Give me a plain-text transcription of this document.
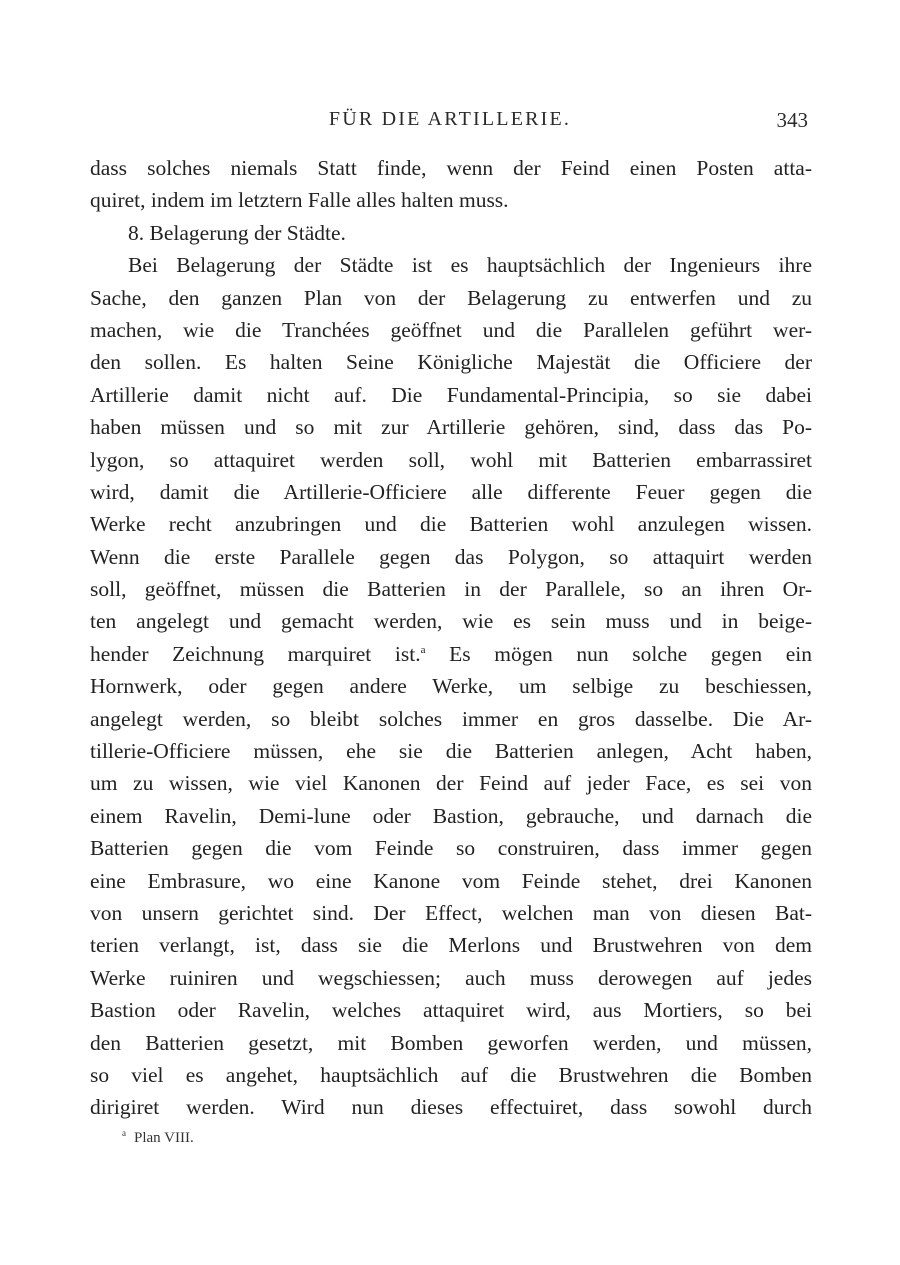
FÜR DIE ARTILLERIE.	343
dass solches niemals Statt finde, wenn der Feind einen Posten atta-
quiret, indem im letztern Falle alles halten muss.
8. Belagerung der Städte.
Bei Belagerung der Städte ist es hauptsächlich der Ingenieurs ihre
Sache, den ganzen Plan von der Belagerung zu entwerfen und zu
machen, wie die Tranchées geöffnet und die Parallelen geführt wer-
den sollen. Es halten Seine Königliche Majestät die Officiere der
Artillerie damit nicht auf. Die Fundamental-Principia, so sie dabei
haben müssen und so mit zur Artillerie gehören, sind, dass das Po-
lygon, so attaquiret werden soll, wohl mit Batterien embarrassiret
wird, damit die Artillerie-Officiere alle differente Feuer gegen die
Werke recht anzubringen und die Batterien wohl anzulegen wissen.
Wenn die erste Parallele gegen das Polygon, so attaquirt werden
soll, geöffnet, müssen die Batterien in der Parallele, so an ihren Or-
ten angelegt und gemacht werden, wie es sein muss und in beige-
hender Zeichnung marquiret ist.$^a$ Es mögen nun solche gegen ein
Hornwerk, oder gegen andere Werke, um selbige zu beschiessen,
angelegt werden, so bleibt solches immer en gros dasselbe. Die Ar-
tillerie-Officiere müssen, ehe sie die Batterien anlegen, Acht haben,
um zu wissen, wie viel Kanonen der Feind auf jeder Face, es sei von
einem Ravelin, Demi-lune oder Bastion, gebrauche, und darnach die
Batterien gegen die vom Feinde so construiren, dass immer gegen
eine Embrasure, wo eine Kanone vom Feinde stehet, drei Kanonen
von unsern gerichtet sind. Der Effect, welchen man von diesen Bat-
terien verlangt, ist, dass sie die Merlons und Brustwehren von dem
Werke ruiniren und wegschiessen; auch muss derowegen auf jedes
Bastion oder Ravelin, welches attaquiret wird, aus Mortiers, so bei
den Batterien gesetzt, mit Bomben geworfen werden, und müssen,
so viel es angehet, hauptsächlich auf die Brustwehren die Bomben
dirigiret werden. Wird nun dieses effectuiret, dass sowohl durch
$^a$ Plan VIII.
